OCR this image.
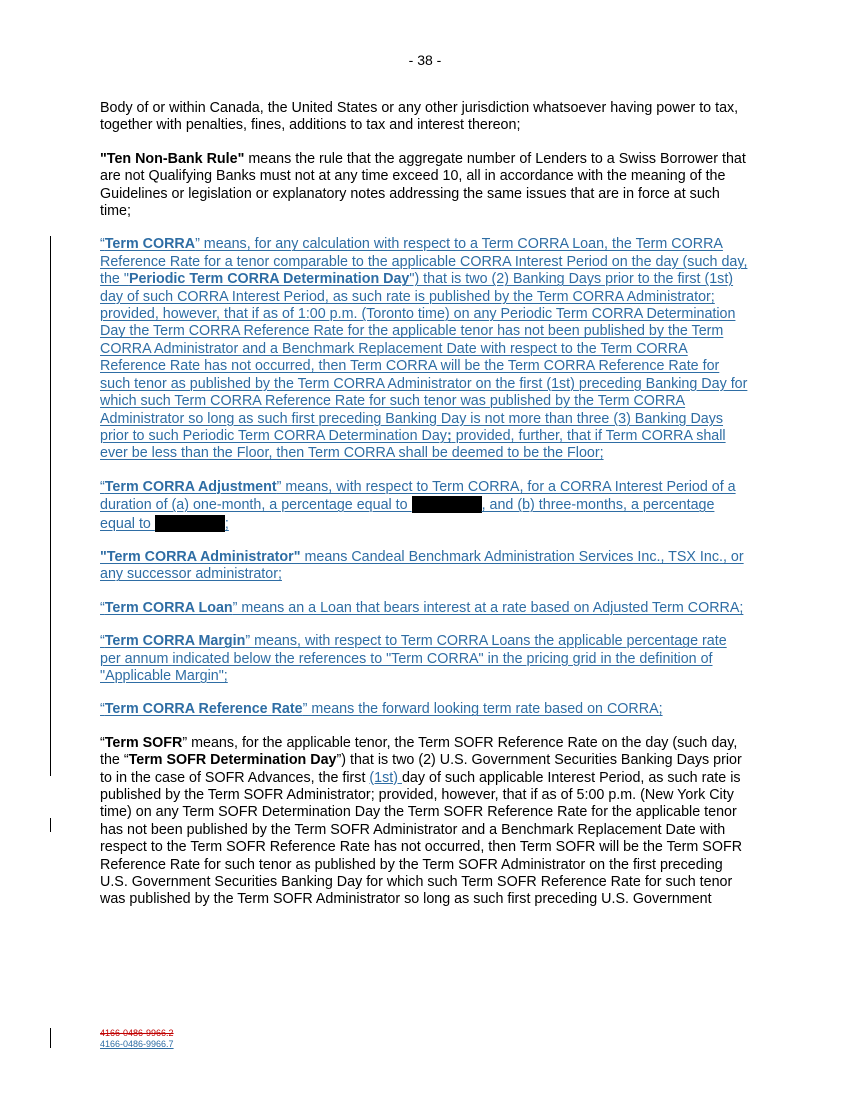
- 38 -

Body of or within Canada, the United States or any other jurisdiction whatsoever having power to tax, together with penalties, fines, additions to tax and interest thereon;

"Ten Non-Bank Rule" means the rule that the aggregate number of Lenders to a Swiss Borrower that are not Qualifying Banks must not at any time exceed 10, all in accordance with the meaning of the Guidelines or legislation or explanatory notes addressing the same issues that are in force at such time;

“Term CORRA” means, for any calculation with respect to a Term CORRA Loan, the Term CORRA Reference Rate for a tenor comparable to the applicable CORRA Interest Period on the day (such day, the "Periodic Term CORRA Determination Day") that is two (2) Banking Days prior to the first (1st) day of such CORRA Interest Period, as such rate is published by the Term CORRA Administrator; provided, however, that if as of 1:00 p.m. (Toronto time) on any Periodic Term CORRA Determination Day the Term CORRA Reference Rate for the applicable tenor has not been published by the Term CORRA Administrator and a Benchmark Replacement Date with respect to the Term CORRA Reference Rate has not occurred, then Term CORRA will be the Term CORRA Reference Rate for such tenor as published by the Term CORRA Administrator on the first (1st) preceding Banking Day for which such Term CORRA Reference Rate for such tenor was published by the Term CORRA Administrator so long as such first preceding Banking Day is not more than three (3) Banking Days prior to such Periodic Term CORRA Determination Day; provided, further, that if Term CORRA shall ever be less than the Floor, then Term CORRA shall be deemed to be the Floor;

“Term CORRA Adjustment” means, with respect to Term CORRA, for a CORRA Interest Period of a duration of (a) one-month, a percentage equal to	, and (b) three-months, a percentage equal to	;

"Term CORRA Administrator" means Candeal Benchmark Administration Services Inc., TSX Inc., or any successor administrator;

“Term CORRA Loan” means an a Loan that bears interest at a rate based on Adjusted Term CORRA;

“Term CORRA Margin” means, with respect to Term CORRA Loans the applicable percentage rate per annum indicated below the references to "Term CORRA" in the pricing grid in the definition of "Applicable Margin";

“Term CORRA Reference Rate” means the forward looking term rate based on CORRA;

“Term SOFR” means, for the applicable tenor, the Term SOFR Reference Rate on the day (such day, the “Term SOFR Determination Day”) that is two (2) U.S. Government Securities Banking Days prior to in the case of SOFR Advances, the first (1st) day of such applicable Interest Period, as such rate is published by the Term SOFR Administrator; provided, however, that if as of 5:00 p.m. (New York City time) on any Term SOFR Determination Day the Term SOFR Reference Rate for the applicable tenor has not been published by the Term SOFR Administrator and a Benchmark Replacement Date with respect to the Term SOFR Reference Rate has not occurred, then Term SOFR will be the Term SOFR Reference Rate for such tenor as published by the Term SOFR Administrator on the first preceding U.S. Government Securities Banking Day for which such Term SOFR Reference Rate for such tenor was published by the Term SOFR Administrator so long as such first preceding U.S. Government

4166-0486-9966.2
4166-0486-9966.7
